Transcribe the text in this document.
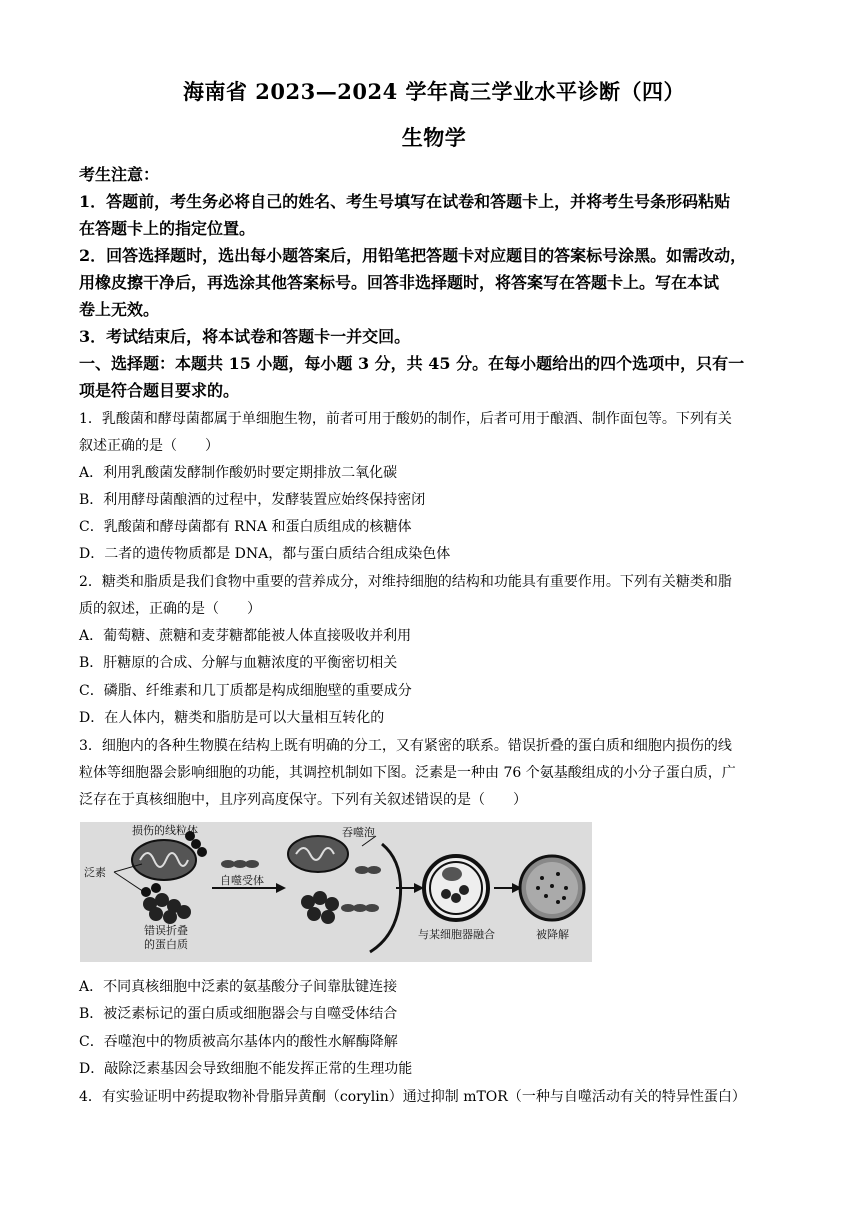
海南省 2023—2024 学年高三学业水平诊断（四）
生物学
考生注意：
1．答题前，考生务必将自己的姓名、考生号填写在试卷和答题卡上，并将考生号条形码粘贴
在答题卡上的指定位置。
2．回答选择题时，选出每小题答案后，用铅笔把答题卡对应题目的答案标号涂黑。如需改动，
用橡皮擦干净后，再选涂其他答案标号。回答非选择题时，将答案写在答题卡上。写在本试
卷上无效。
3．考试结束后，将本试卷和答题卡一并交回。
一、选择题：本题共 15 小题，每小题 3 分，共 45 分。在每小题给出的四个选项中，只有一
项是符合题目要求的。
1．乳酸菌和酵母菌都属于单细胞生物，前者可用于酸奶的制作，后者可用于酿酒、制作面包等。下列有关
叙述正确的是（　　）
A．利用乳酸菌发酵制作酸奶时要定期排放二氧化碳
B．利用酵母菌酿酒的过程中，发酵装置应始终保持密闭
C．乳酸菌和酵母菌都有 RNA 和蛋白质组成的核糖体
D．二者的遗传物质都是 DNA，都与蛋白质结合组成染色体
2．糖类和脂质是我们食物中重要的营养成分，对维持细胞的结构和功能具有重要作用。下列有关糖类和脂
质的叙述，正确的是（　　）
A．葡萄糖、蔗糖和麦芽糖都能被人体直接吸收并利用
B．肝糖原的合成、分解与血糖浓度的平衡密切相关
C．磷脂、纤维素和几丁质都是构成细胞壁的重要成分
D．在人体内，糖类和脂肪是可以大量相互转化的
3．细胞内的各种生物膜在结构上既有明确的分工，又有紧密的联系。错误折叠的蛋白质和细胞内损伤的线
粒体等细胞器会影响细胞的功能，其调控机制如下图。泛素是一种由 76 个氨基酸组成的小分子蛋白质，广
泛存在于真核细胞中，且序列高度保守。下列有关叙述错误的是（　　）
损伤的线粒体
泛素
自噬受体
错误折叠
的蛋白质
吞噬泡
与某细胞器融合	被降解
A．不同真核细胞中泛素的氨基酸分子间靠肽键连接
B．被泛素标记的蛋白质或细胞器会与自噬受体结合
C．吞噬泡中的物质被高尔基体内的酸性水解酶降解
D．敲除泛素基因会导致细胞不能发挥正常的生理功能
4．有实验证明中药提取物补骨脂异黄酮（corylin）通过抑制 mTOR（一种与自噬活动有关的特异性蛋白）
